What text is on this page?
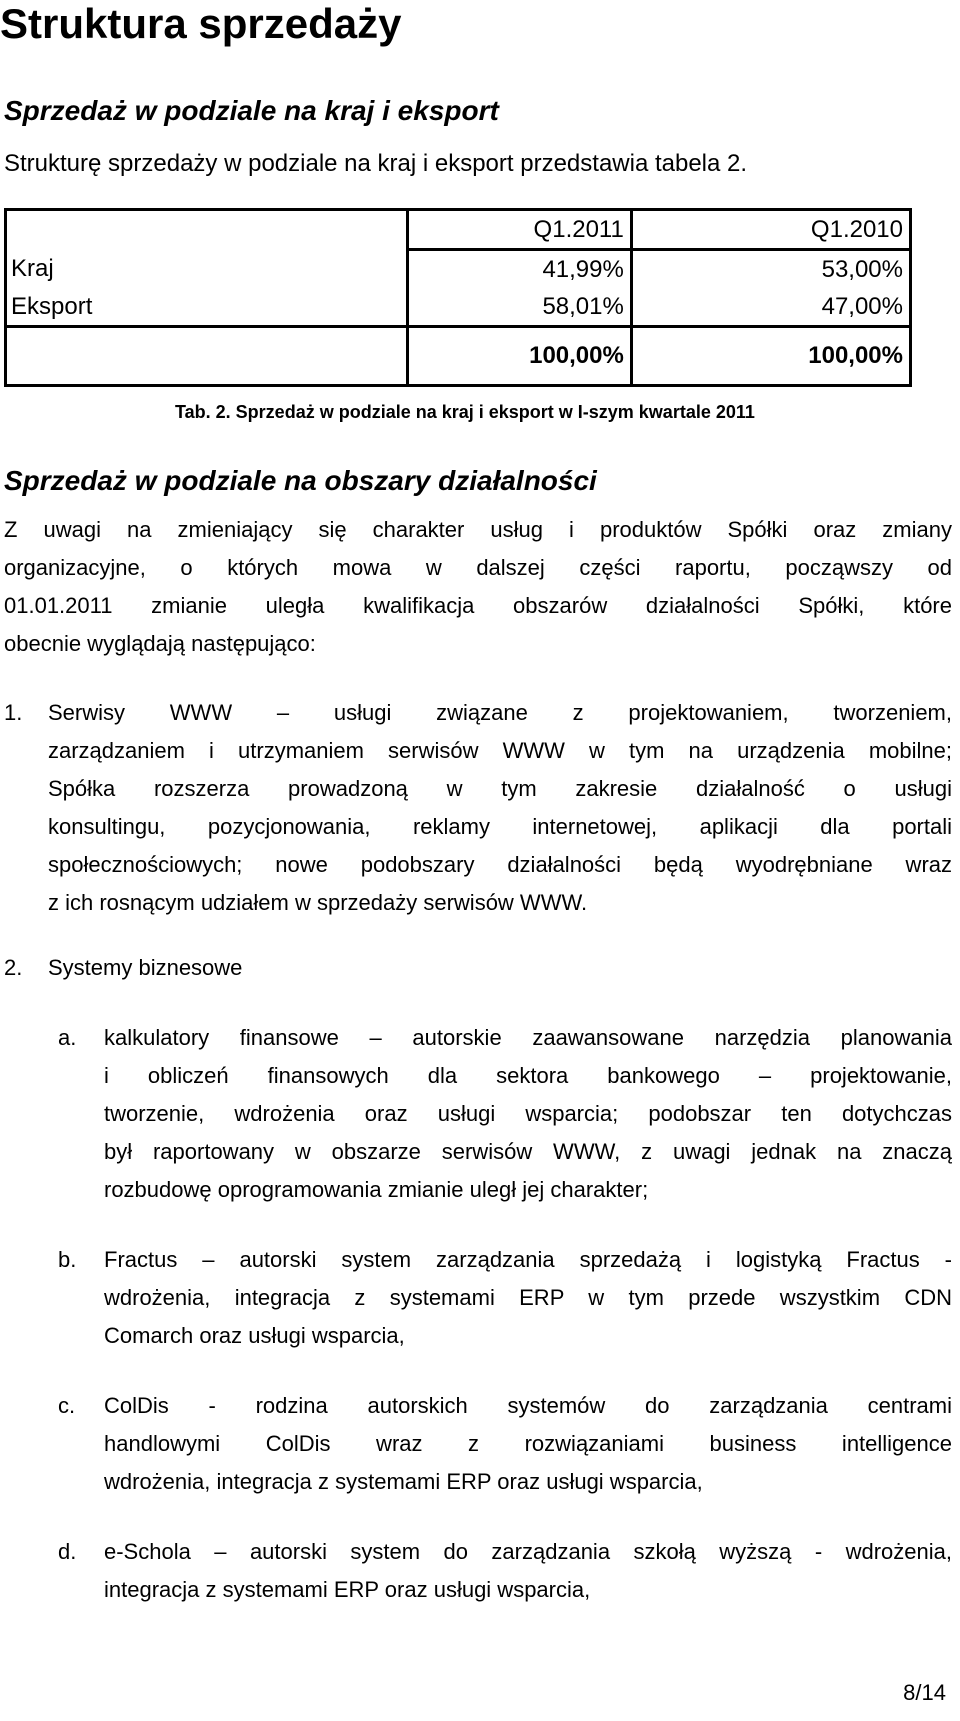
Struktura sprzedaży
Sprzedaż w podziale na kraj i eksport
Strukturę sprzedaży w podziale na kraj i eksport przedstawia tabela 2.
	Q1.2011	Q1.2010
Kraj	41,99%	53,00%
Eksport	58,01%	47,00%
	100,00%	100,00%
Tab. 2. Sprzedaż w podziale na kraj i eksport w I-szym kwartale 2011
Sprzedaż w podziale na obszary działalności
Z uwagi na zmieniający się charakter usług i produktów Spółki oraz zmiany
organizacyjne, o których mowa w dalszej części raportu, począwszy od
01.01.2011 zmianie uległa kwalifikacja obszarów działalności Spółki, które
obecnie wyglądają następująco:
1. Serwisy WWW – usługi związane z projektowaniem, tworzeniem,
zarządzaniem i utrzymaniem serwisów WWW w tym na urządzenia mobilne;
Spółka rozszerza prowadzoną w tym zakresie działalność o usługi
konsultingu, pozycjonowania, reklamy internetowej, aplikacji dla portali
społecznościowych; nowe podobszary działalności będą wyodrębniane wraz
z ich rosnącym udziałem w sprzedaży serwisów WWW.
2. Systemy biznesowe
a. kalkulatory finansowe – autorskie zaawansowane narzędzia planowania
i obliczeń finansowych dla sektora bankowego – projektowanie,
tworzenie, wdrożenia oraz usługi wsparcia; podobszar ten dotychczas
był raportowany w obszarze serwisów WWW, z uwagi jednak na znaczą
rozbudowę oprogramowania zmianie uległ jej charakter;
b. Fractus – autorski system zarządzania sprzedażą i logistyką Fractus -
wdrożenia, integracja z systemami ERP w tym przede wszystkim CDN
Comarch oraz usługi wsparcia,
c. ColDis - rodzina autorskich systemów do zarządzania centrami
handlowymi ColDis wraz z rozwiązaniami business intelligence
wdrożenia, integracja z systemami ERP oraz usługi wsparcia,
d. e-Schola – autorski system do zarządzania szkołą wyższą - wdrożenia,
integracja z systemami ERP oraz usługi wsparcia,
8/14
